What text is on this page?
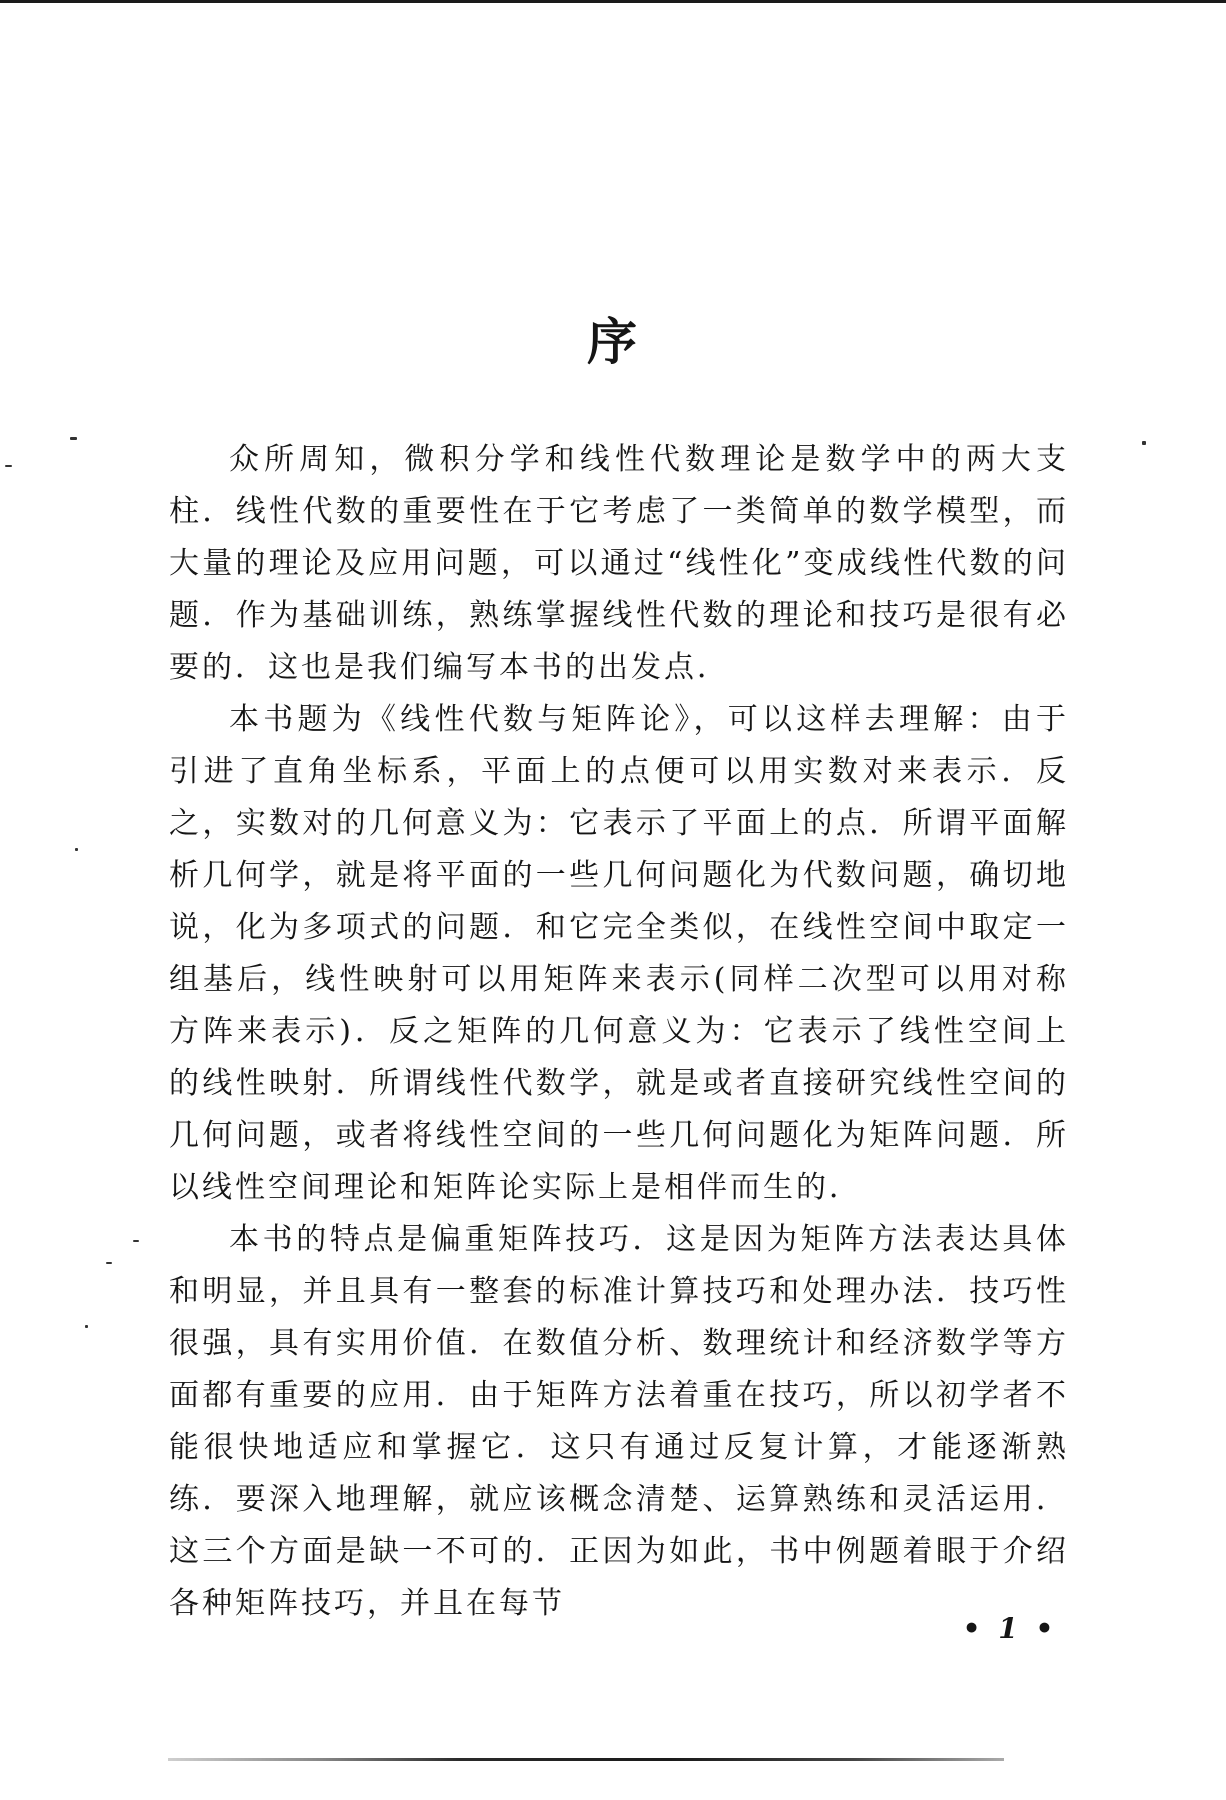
序

众所周知，微积分学和线性代数理论是数学中的两大支柱．线性代数的重要性在于它考虑了一类简单的数学模型，而大量的理论及应用问题，可以通过“线性化”变成线性代数的问题．作为基础训练，熟练掌握线性代数的理论和技巧是很有必要的．这也是我们编写本书的出发点．

本书题为《线性代数与矩阵论》，可以这样去理解：由于引进了直角坐标系，平面上的点便可以用实数对来表示．反之，实数对的几何意义为：它表示了平面上的点．所谓平面解析几何学，就是将平面的一些几何问题化为代数问题，确切地说，化为多项式的问题．和它完全类似，在线性空间中取定一组基后，线性映射可以用矩阵来表示(同样二次型可以用对称方阵来表示)．反之矩阵的几何意义为：它表示了线性空间上的线性映射．所谓线性代数学，就是或者直接研究线性空间的几何问题，或者将线性空间的一些几何问题化为矩阵问题．所以线性空间理论和矩阵论实际上是相伴而生的．

本书的特点是偏重矩阵技巧．这是因为矩阵方法表达具体和明显，并且具有一整套的标准计算技巧和处理办法．技巧性很强，具有实用价值．在数值分析、数理统计和经济数学等方面都有重要的应用．由于矩阵方法着重在技巧，所以初学者不能很快地适应和掌握它．这只有通过反复计算，才能逐渐熟练．要深入地理解，就应该概念清楚、运算熟练和灵活运用．这三个方面是缺一不可的．正因为如此，书中例题着眼于介绍各种矩阵技巧，并且在每节

• 1 •
